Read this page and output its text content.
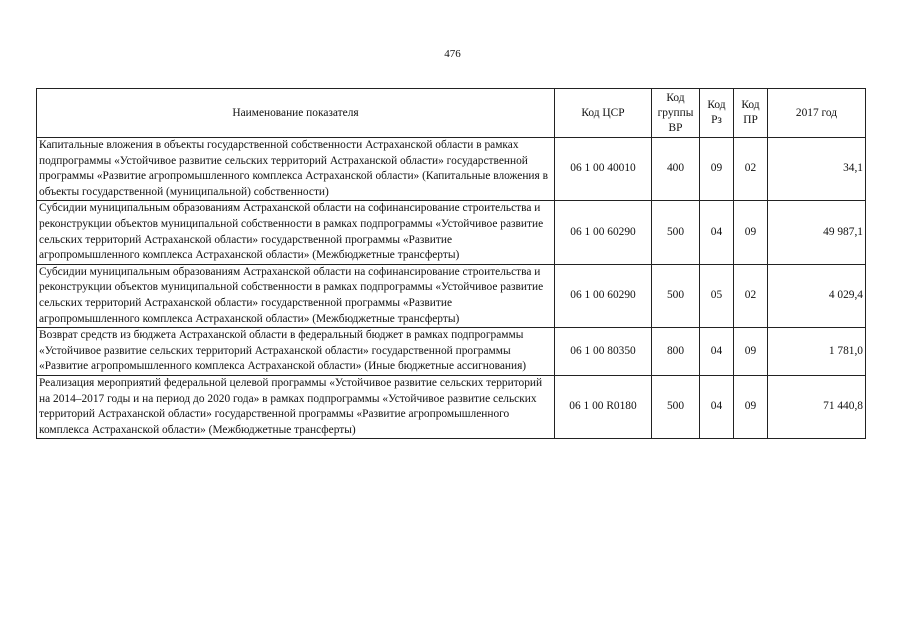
476
Наименование показателя	Код ЦСР	Код группы ВР	Код Рз	Код ПР	2017 год
Капитальные вложения в объекты государственной собственности Астраханской области в рамках подпрограммы «Устойчивое развитие сельских территорий Астраханской области» государственной программы «Развитие агропромышленного комплекса Астраханской области» (Капитальные вложения в объекты государственной (муниципальной) собственности)	06 1 00 40010	400	09	02	34,1
Субсидии муниципальным образованиям Астраханской области на софинансирование строительства и реконструкции объектов муниципальной собственности в рамках подпрограммы «Устойчивое развитие сельских территорий Астраханской области» государственной программы «Развитие агропромышленного комплекса Астраханской области» (Межбюджетные трансферты)	06 1 00 60290	500	04	09	49 987,1
Субсидии муниципальным образованиям Астраханской области на софинансирование строительства и реконструкции объектов муниципальной собственности в рамках подпрограммы «Устойчивое развитие сельских территорий Астраханской области» государственной программы «Развитие агропромышленного комплекса Астраханской области» (Межбюджетные трансферты)	06 1 00 60290	500	05	02	4 029,4
Возврат средств из бюджета Астраханской области в федеральный бюджет в рамках подпрограммы «Устойчивое развитие сельских территорий Астраханской области» государственной программы «Развитие агропромышленного комплекса Астраханской области» (Иные бюджетные ассигнования)	06 1 00 80350	800	04	09	1 781,0
Реализация мероприятий федеральной целевой программы «Устойчивое развитие сельских территорий на 2014–2017 годы и на период до 2020 года» в рамках подпрограммы «Устойчивое развитие сельских территорий Астраханской области» государственной программы «Развитие агропромышленного комплекса Астраханской области» (Межбюджетные трансферты)	06 1 00 R0180	500	04	09	71 440,8
